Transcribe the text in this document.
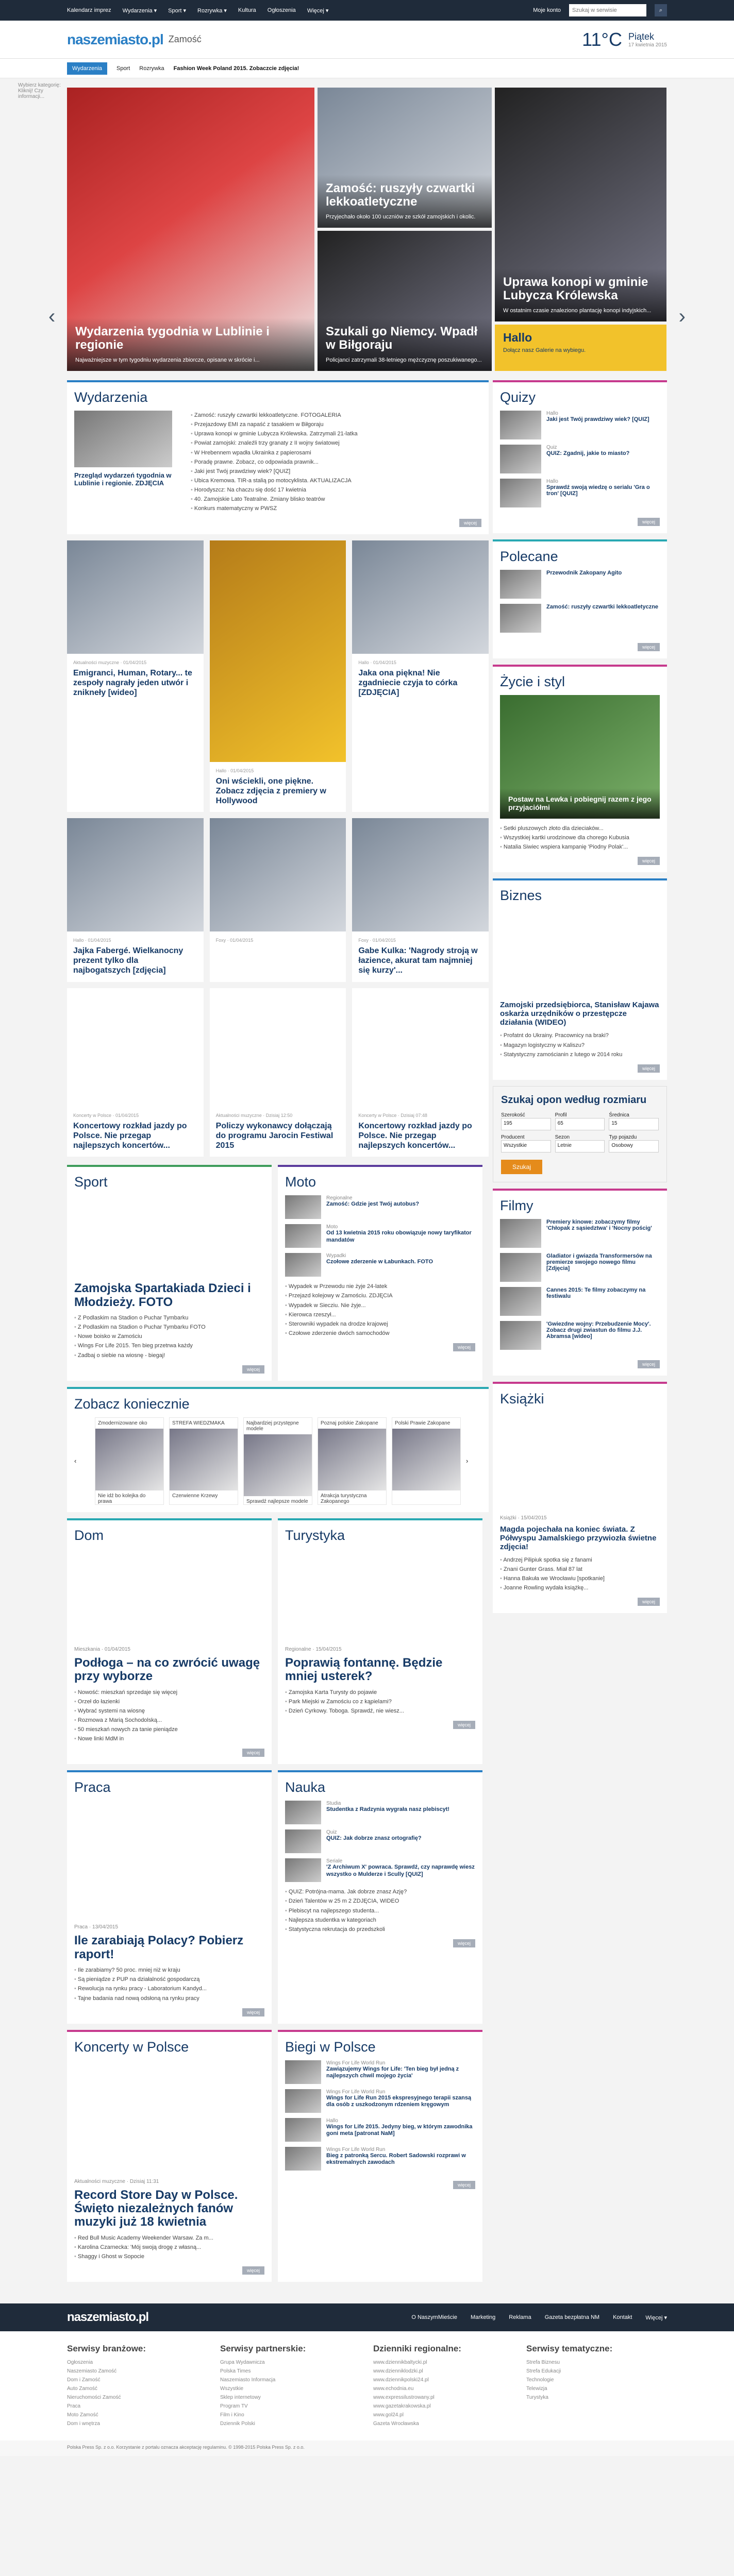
Kalendarz imprez Wydarzenia ▾ Sport ▾ Rozrywka ▾ Kultura Ogłoszenia Więcej ▾	Moje konto
Szukaj w serwisie	⌕
naszemiasto.pl Zamość	11°C Piątek
17 kwietnia 2015
Wydarzenia	Sport Rozrywka Fashion Week Poland 2015. Zobaczcie zdjęcia!
Wybierz kategorię: Kliknij! Czy informacji...
‹	›
Wydarzenia tygodnia w Lublinie i regionie

Najważniejsze w tym tygodniu wydarzenia zbiorcze, opisane w skrócie i...

Zamość: ruszyły czwartki lekkoatletyczne

Przyjechało około 100 uczniów ze szkół zamojskich i okolic.

Szukali go Niemcy. Wpadł w Biłgoraju

Policjanci zatrzymali 38-letniego mężczyznę poszukiwanego...

Uprawa konopi w gminie Lubycza Królewska

W ostatnim czasie znaleziono plantację konopi indyjskich...

Hallo

Dołącz nasz Galerie na wybiegu.

Wydarzenia
Przegląd wydarzeń tygodnia w Lublinie i regionie. ZDJĘCIA
• Zamość: ruszyły czwartki lekkoatletyczne. FOTOGALERIA
• Przejazdowy EMI za napaść z tasakiem w Biłgoraju
• Uprawa konopi w gminie Lubycza Królewska. Zatrzymali 21-latka
• Powiat zamojski: znaleźli trzy granaty z II wojny światowej
• W Hrebennem wpadła Ukrainka z papierosami
• Poradę prawne. Zobacz, co odpowiada prawnik...
• Jaki jest Twój prawdziwy wiek? [QUIZ]
• Ubica Kremowa. TIR-a stalią po motocyklista. AKTUALIZACJA
• Horodyszcz: Na chaczu się dość 17 kwietnia
• 40. Zamojskie Lato Teatralne. Zmiany blisko teatrów
• Konkurs matematyczny w PWSZ
więcej
Aktualności muzyczne · 01/04/2015
Emigranci, Human, Rotary... te zespoły nagrały jeden utwór i znikneły [wideo]
Hallo · 01/04/2015
Oni wściekli, one piękne. Zobacz zdjęcia z premiery w Hollywood
Hallo · 01/04/2015
Jaka ona piękna! Nie zgadniecie czyja to córka [ZDJĘCIA]
Hallo · 01/04/2015
Jajka Fabergé. Wielkanocny prezent tylko dla najbogatszych [zdjęcia]
Foxy · 01/04/2015	Foxy · 01/04/2015
Gabe Kulka: 'Nagrody stroją w łazience, akurat tam najmniej się kurzy'...
Koncerty w Polsce · 01/04/2015
Koncertowy rozkład jazdy po Polsce. Nie przegap najlepszych koncertów...
Aktualności muzyczne · Dzisiaj 12:50
Policzy wykonawcy dołączają do programu Jarocin Festiwal 2015
Koncerty w Polsce · Dzisiaj 07:48
Koncertowy rozkład jazdy po Polsce. Nie przegap najlepszych koncertów...
Sport
Zamojska Spartakiada Dzieci i Młodzieży. FOTO
• Z Podlaskim na Stadion o Puchar Tymbarku
• Z Podlaskim na Stadion o Puchar Tymbarku FOTO
• Nowe boisko w Zamościu
• Wings For Life 2015. Ten bieg przetrwa każdy
• Zadbaj o siebie na wiosnę - biegaj!
więcej
Moto
Regionalne
Zamość: Gdzie jest Twój autobus?
Moto
Od 13 kwietnia 2015 roku obowiązuje nowy taryfikator mandatów
Wypadki
Czołowe zderzenie w Łabunkach. FOTO
• Wypadek w Przewodu nie żyje 24-latek
• Przejazd kolejowy w Zamościu. ZDJĘCIA
• Wypadek w Siecziu. Nie żyje...
• Kierowca rzeszył...
• Sterowniki wypadek na drodze krajowej
• Czołowe zderzenie dwóch samochodów
więcej
Zobacz koniecznie
‹
Zmodernizowane oko
Nie idź bo kolejka do prawa
STREFA WIEDZMAKA
Czerwienne Krzewy
Najbardziej przystępne modele
Sprawdź najlepsze modele
Poznaj polskie Zakopane
Atrakcja turystyczna Zakopanego
Polski Prawie Zakopane
›
Dom
Mieszkania · 01/04/2015
Podłoga – na co zwrócić uwagę przy wyborze
• Nowość: mieszkań sprzedaje się więcej
• Orzeł do łazienki
• Wybrać systemi na wiosnę
• Rozmowa z Marią Sochodolską...
• 50 mieszkań nowych za tanie pieniądze
• Nowe linki MdM in
więcej
Turystyka
Regionalne · 15/04/2015
Poprawią fontannę. Będzie mniej usterek?
• Zamojska Karta Turysty do pojawie
• Park Miejski w Zamościu co z kąpielami?
• Dzień Cyrkowy. Toboga. Sprawdź, nie wiesz...
więcej
Praca
Praca · 13/04/2015
Ile zarabiają Polacy? Pobierz raport!
• Ile zarabiamy? 50 proc. mniej niż w kraju
• Są pieniądze z PUP na działalność gospodarczą
• Rewolucja na rynku pracy - Laboratorium Kandyd...
• Tajne badania nad nową odsłoną na rynku pracy
więcej
Nauka
Studia
Studentka z Radzynia wygrała nasz plebiscyt!
Quiz
QUIZ: Jak dobrze znasz ortografię?
Seriale
'Z Archiwum X' powraca. Sprawdź, czy naprawdę wiesz wszystko o Mulderze i Scully [QUIZ]
• QUIZ: Potrójna-mama. Jak dobrze znasz Azję?
• Dzień Talentów w 25 m 2 ZDJĘCIA, WIDEO
• Plebiscyt na najlepszego studenta...
• Najlepsza studentka w kategoriach
• Statystyczna rekrutacja do przedszkoli
więcej
Koncerty w Polsce
Aktualności muzyczne · Dzisiaj 11:31
Record Store Day w Polsce. Święto niezależnych fanów muzyki już 18 kwietnia
• Red Bull Music Academy Weekender Warsaw. Za m...
• Karolina Czarnecka: 'Mój swoją drogę z własną...
• Shaggy i Ghost w Sopocie
więcej
Biegi w Polsce
Wings For Life World Run
Zawiązujemy Wings for Life: 'Ten bieg był jedną z najlepszych chwil mojego życia'
Wings For Life World Run
Wings for Life Run 2015 ekspresyjnego terapii szansą dla osób z uszkodzonym rdzeniem kręgowym
Hallo
Wings for Life 2015. Jedyny bieg, w którym zawodnika goni meta [patronat NaM]
Wings For Life World Run
Bieg z patronką Sercu. Robert Sadowski rozprawi w ekstremalnych zawodach
więcej
Quizy
Hallo
Jaki jest Twój prawdziwy wiek? [QUIZ]
Quiz
QUIZ: Zgadnij, jakie to miasto?
Hallo
Sprawdź swoją wiedzę o serialu 'Gra o tron' [QUIZ]
więcej
Polecane
Przewodnik Zakopany Agito
Zamość: ruszyły czwartki lekkoatletyczne
więcej
Życie i styl
Postaw na Lewka i pobiegnij razem z jego przyjaciółmi
• Setki pluszowych złoto dla dzieciaków...
• Wszystkiej kartki urodzinowe dla chorego Kubusia
• Natalia Siwiec wspiera kampanię 'Piodny Polak'...
więcej
Biznes
Zamojski przedsiębiorca, Stanisław Kajawa oskarża urzędników o przestępcze działania (WIDEO)
• Profatnt do Ukrainy. Pracownicy na braki?
• Magazyn logistyczny w Kaliszu?
• Statystyczny zamościanin z lutego w 2014 roku
więcej
Szukaj opon według rozmiaru
Szerokość
195
Profil
65
Średnica
15
Producent
Wszystkie
Sezon
Letnie
Typ pojazdu
Osobowy
Szukaj
Filmy
Premiery kinowe: zobaczymy filmy 'Chłopak z sąsiedztwa' i 'Nocny pościg'
Gladiator i gwiazda Transformersów na premierze swojego nowego filmu [Zdjęcia]
Cannes 2015: Te filmy zobaczymy na festiwalu
'Gwiezdne wojny: Przebudzenie Mocy'. Zobacz drugi zwiastun do filmu J.J. Abramsa [wideo]
więcej
Książki
Książki · 15/04/2015
Magda pojechała na koniec świata. Z Półwyspu Jamalskiego przywiozła świetne zdjęcia!
• Andrzej Pilipiuk spotka się z fanami
• Znani Gunter Grass. Miał 87 lat
• Hanna Bakuła we Wrocławiu [spotkanie]
• Joanne Rowling wydała książkę...
więcej
naszemiasto.pl	O NaszymMieście Marketing Reklama Gazeta bezpłatna NM Kontakt Więcej ▾
Serwisy branżowe:
Ogłoszenia
Naszemiasto Zamość
Dom i Zamość
Auto Zamość
Nieruchomości Zamość
Praca
Moto Zamość
Dom i wnętrza
Serwisy partnerskie:
Grupa Wydawnicza
Polska Times
Naszemiasto Informacja
Wszystkie
Sklep internetowy
Program TV
Film i Kino
Dziennik Polski
Dzienniki regionalne:
www.dziennikbaltycki.pl
www.dzienniklodzki.pl
www.dziennikpolski24.pl
www.echodnia.eu
www.expressilustrowany.pl
www.gazetakrakowska.pl
www.gol24.pl
Gazeta Wrocławska
Serwisy tematyczne:
Strefa Biznesu
Strefa Edukacji
Technologie
Telewizja
Turystyka
Polska Press Sp. z o.o. Korzystanie z portalu oznacza akceptację regulaminu. © 1998-2015 Polska Press Sp. z o.o.
